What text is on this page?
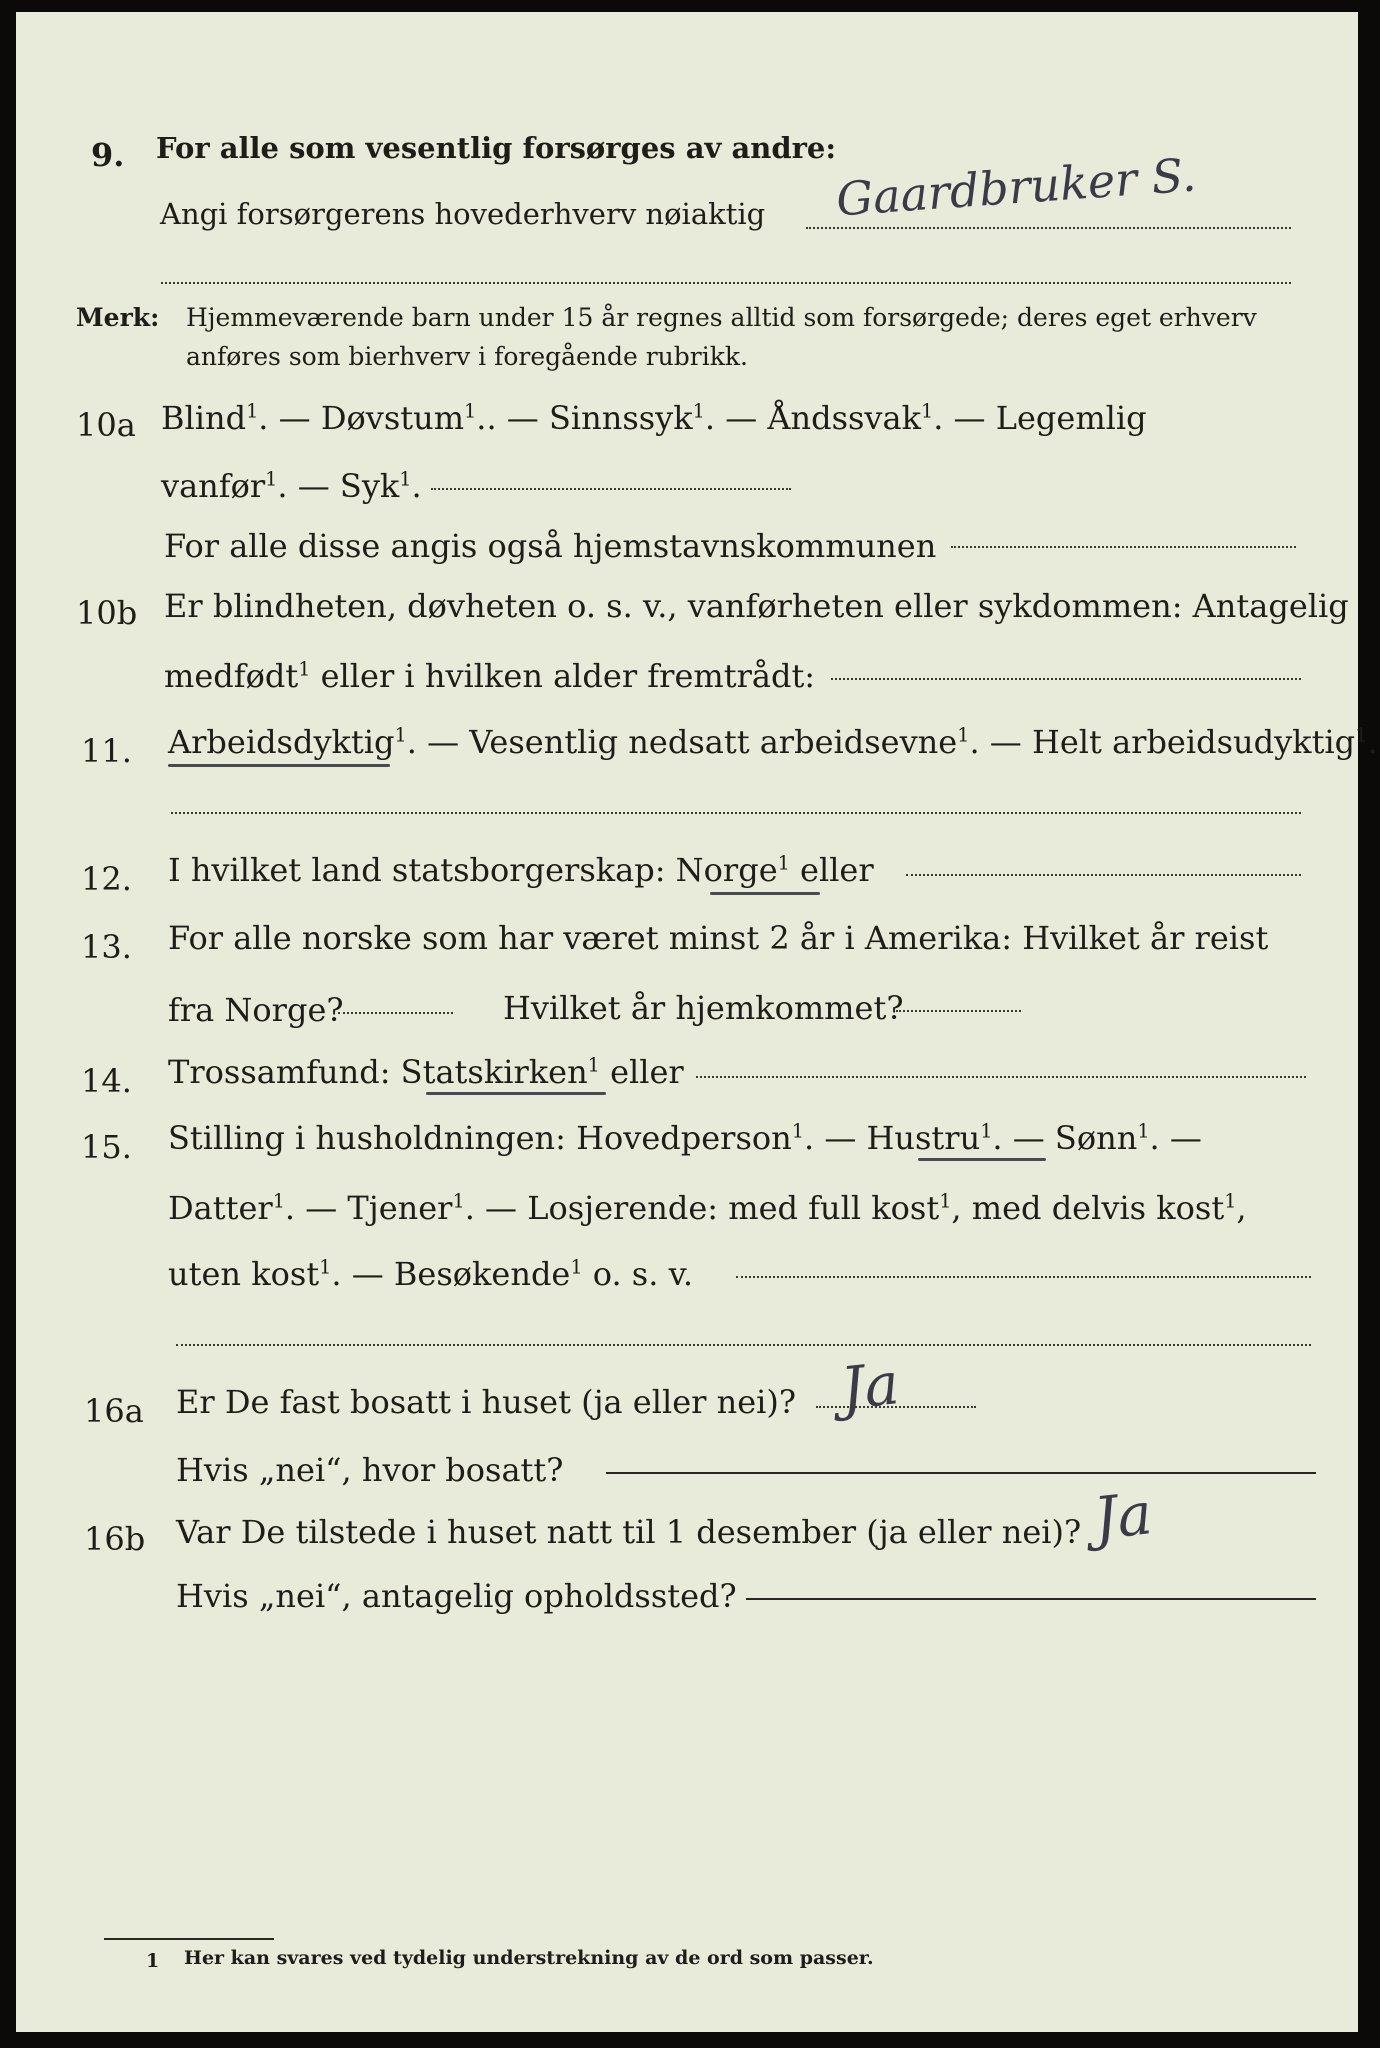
9. For alle som vesentlig forsørges av andre:
Gaardbruker S.
Angi forsørgerens hovederhverv nøiaktig
Merk: Hjemmeværende barn under 15 år regnes alltid som forsørgede; deres eget erhverv
anføres som bierhverv i foregående rubrikk.
10a Blind$^1$. — Døvstum$^1$.. — Sinnssyk$^1$. — Åndssvak$^1$. — Legemlig
vanfør$^1$. — Syk$^1$.
For alle disse angis også hjemstavnskommunen
10b Er blindheten, døvheten o. s. v., vanførheten eller sykdommen: Antagelig
medfødt$^1$ eller i hvilken alder fremtrådt:
11. Arbeidsdyktig$^1$. — Vesentlig nedsatt arbeidsevne$^1$. — Helt arbeidsudyktig$^1$.
12. I hvilket land statsborgerskap: Norge$^1$ eller
13. For alle norske som har været minst 2 år i Amerika: Hvilket år reist
fra Norge?	Hvilket år hjemkommet?
14. Trossamfund: Statskirken$^1$ eller
15. Stilling i husholdningen: Hovedperson$^1$. — Hustru$^1$. — Sønn$^1$. —
Datter$^1$. — Tjener$^1$. — Losjerende: med full kost$^1$, med delvis kost$^1$,
uten kost$^1$. — Besøkende$^1$ o. s. v.
16a Er De fast bosatt i huset (ja eller nei)? Ja
Hvis „nei“, hvor bosatt?
16b Var De tilstede i huset natt til 1 desember (ja eller nei)? Ja
Hvis „nei“, antagelig opholdssted?
1 Her kan svares ved tydelig understrekning av de ord som passer.
